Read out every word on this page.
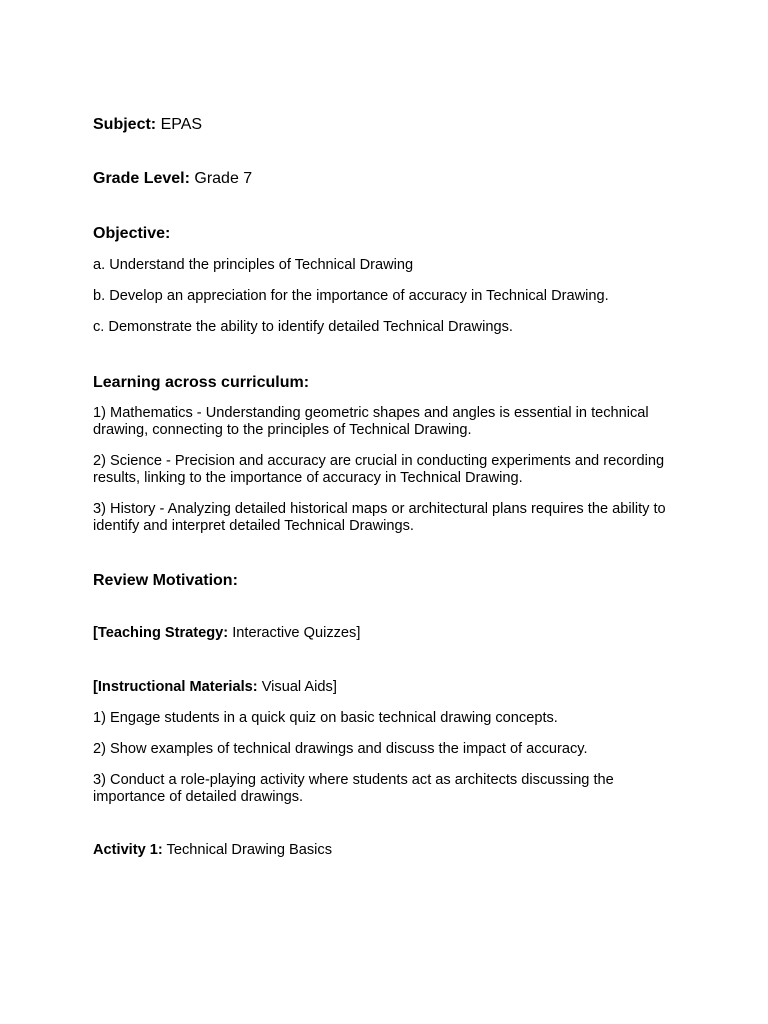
Subject: EPAS

Grade Level: Grade 7

Objective:

a. Understand the principles of Technical Drawing

b. Develop an appreciation for the importance of accuracy in Technical Drawing.

c. Demonstrate the ability to identify detailed Technical Drawings.

Learning across curriculum:

1) Mathematics - Understanding geometric shapes and angles is essential in technical drawing, connecting to the principles of Technical Drawing.

2) Science - Precision and accuracy are crucial in conducting experiments and recording results, linking to the importance of accuracy in Technical Drawing.

3) History - Analyzing detailed historical maps or architectural plans requires the ability to identify and interpret detailed Technical Drawings.

Review Motivation:

[Teaching Strategy: Interactive Quizzes]

[Instructional Materials: Visual Aids]

1) Engage students in a quick quiz on basic technical drawing concepts.

2) Show examples of technical drawings and discuss the impact of accuracy.

3) Conduct a role-playing activity where students act as architects discussing the importance of detailed drawings.

Activity 1: Technical Drawing Basics
